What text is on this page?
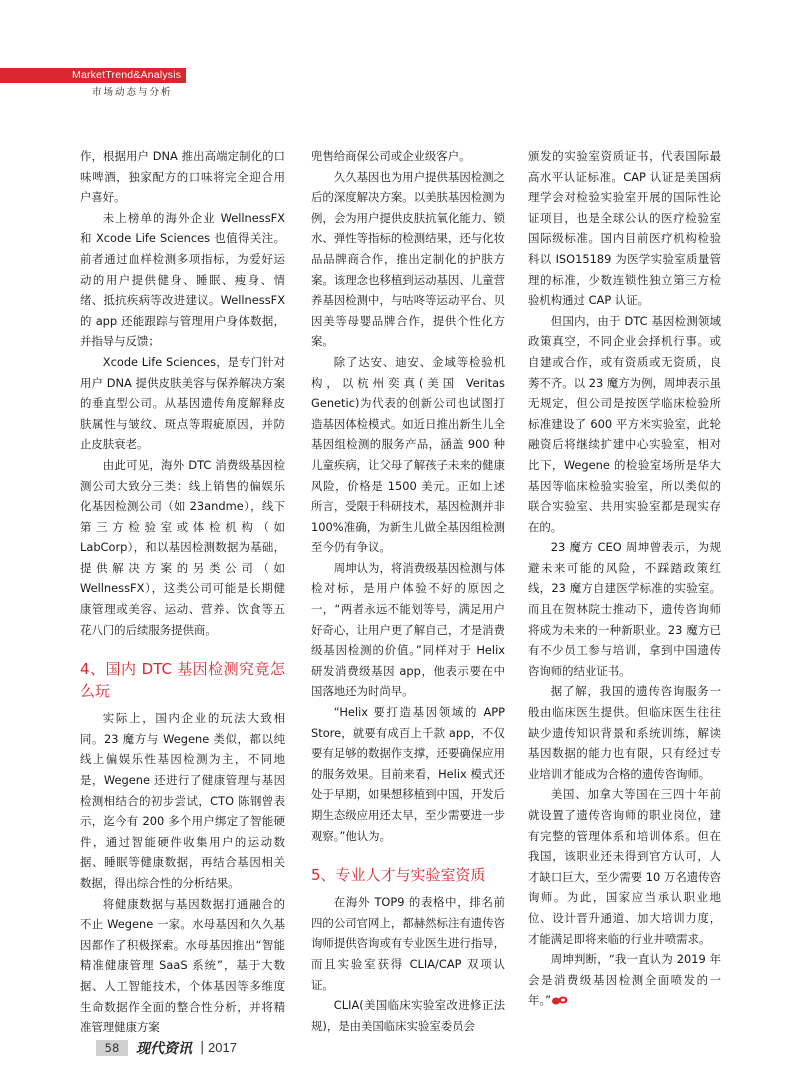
MarketTrend&Analysis
市场动态与分析

作，根据用户 DNA 推出高端定制化的口味啤酒，独家配方的口味将完全迎合用户喜好。

未上榜单的海外企业 WellnessFX 和 Xcode Life Sciences 也值得关注。前者通过血样检测多项指标，为爱好运动的用户提供健身、睡眠、瘦身、情绪、抵抗疾病等改进建议。WellnessFX 的 app 还能跟踪与管理用户身体数据，并指导与反馈；

Xcode Life Sciences，是专门针对用户 DNA 提供皮肤美容与保养解决方案的垂直型公司。从基因遗传角度解释皮肤属性与皱纹、斑点等瑕疵原因，并防止皮肤衰老。

由此可见，海外 DTC 消费级基因检测公司大致分三类：线上销售的偏娱乐化基因检测公司（如 23andme），线下第三方检验室或体检机构（如 LabCorp），和以基因检测数据为基础，提供解决方案的另类公司（如 WellnessFX），这类公司可能是长期健康管理或美容、运动、营养、饮食等五花八门的后续服务提供商。

4、国内 DTC 基因检测究竟怎么玩

实际上，国内企业的玩法大致相同。23 魔方与 Wegene 类似，都以纯线上偏娱乐性基因检测为主，不同地是，Wegene 还进行了健康管理与基因检测相结合的初步尝试，CTO 陈钢曾表示，迄今有 200 多个用户绑定了智能硬件，通过智能硬件收集用户的运动数据、睡眠等健康数据，再结合基因相关数据，得出综合性的分析结果。

将健康数据与基因数据打通融合的不止 Wegene 一家。水母基因和久久基因都作了积极探索。水母基因推出“智能精准健康管理 SaaS 系统”，基于大数据、人工智能技术，个体基因等多维度生命数据作全面的整合性分析，并将精准管理健康方案

兜售给商保公司或企业级客户。

久久基因也为用户提供基因检测之后的深度解决方案。以美肤基因检测为例，会为用户提供皮肤抗氧化能力、锁水、弹性等指标的检测结果，还与化妆品品牌商合作，推出定制化的护肤方案。该理念也移植到运动基因、儿童营养基因检测中，与咕咚等运动平台、贝因美等母婴品牌合作，提供个性化方案。

除了达安、迪安、金域等检验机构，以杭州奕真(美国 Veritas Genetic)为代表的创新公司也试图打造基因体检模式。如近日推出新生儿全基因组检测的服务产品，涵盖 900 种儿童疾病，让父母了解孩子未来的健康风险，价格是 1500 美元。正如上述所言，受限于科研技术，基因检测并非 100%准确，为新生儿做全基因组检测至今仍有争议。

周坤认为，将消费级基因检测与体检对标，是用户体验不好的原因之一，“两者永远不能划等号，满足用户好奇心，让用户更了解自己，才是消费级基因检测的价值。”同样对于 Helix 研发消费级基因 app，他表示要在中国落地还为时尚早。

“Helix 要打造基因领域的 APP Store，就要有成百上千款 app，不仅要有足够的数据作支撑，还要确保应用的服务效果。目前来看，Helix 模式还处于早期，如果想移植到中国，开发后期生态级应用还太早，至少需要进一步观察。”他认为。

5、专业人才与实验室资质

在海外 TOP9 的表格中，排名前四的公司官网上，都赫然标注有遗传咨询师提供咨询或有专业医生进行指导，而且实验室获得 CLIA/CAP 双项认证。

CLIA(美国临床实验室改进修正法规)，是由美国临床实验室委员会

颁发的实验室资质证书，代表国际最高水平认证标准。CAP 认证是美国病理学会对检验实验室开展的国际性论证项目，也是全球公认的医疗检验室国际级标准。国内目前医疗机构检验科以 ISO15189 为医学实验室质量管理的标准，少数连锁性独立第三方检验机构通过 CAP 认证。

但国内，由于 DTC 基因检测领域政策真空，不同企业会择机行事。或自建或合作，或有资质或无资质，良莠不齐。以 23 魔方为例，周坤表示虽无规定，但公司是按医学临床检验所标准建设了 600 平方米实验室，此轮融资后将继续扩建中心实验室，相对比下，Wegene 的检验室场所是华大基因等临床检验实验室，所以类似的联合实验室、共用实验室都是现实存在的。

23 魔方 CEO 周坤曾表示，为规避未来可能的风险，不踩踏政策红线，23 魔方自建医学标准的实验室。而且在贺林院士推动下，遗传咨询师将成为未来的一种新职业。23 魔方已有不少员工参与培训，拿到中国遗传咨询师的结业证书。

据了解，我国的遗传咨询服务一般由临床医生提供。但临床医生往往缺少遗传知识背景和系统训练，解读基因数据的能力也有限，只有经过专业培训才能成为合格的遗传咨询师。

美国、加拿大等国在三四十年前就设置了遗传咨询师的职业岗位，建有完整的管理体系和培训体系。但在我国，该职业还未得到官方认可，人才缺口巨大，至少需要 10 万名遗传咨询师。为此，国家应当承认职业地位、设计晋升通道、加大培训力度，才能满足即将来临的行业井喷需求。

周坤判断，“我一直认为 2019 年会是消费级基因检测全面喷发的一年。”

58	现代资讯 | 2017
